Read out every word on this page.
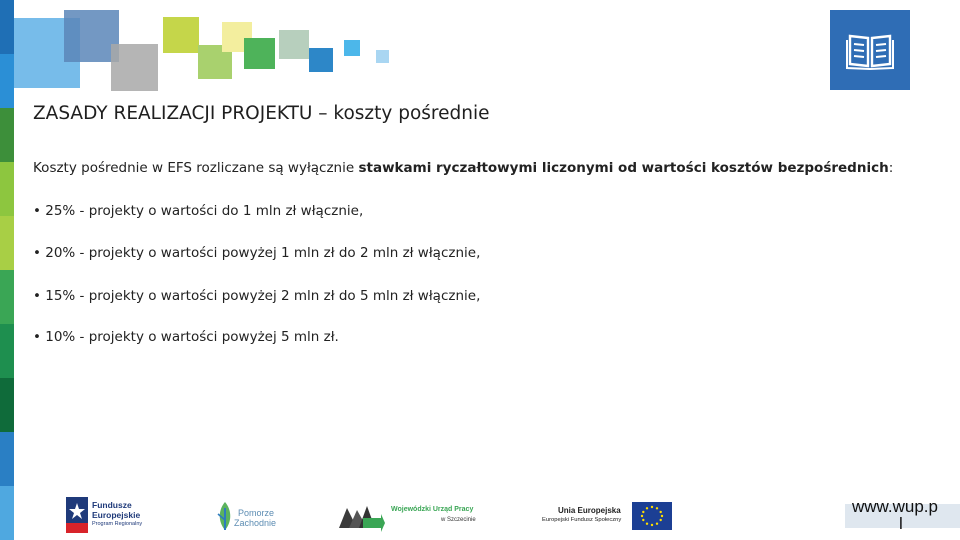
ZASADY REALIZACJI PROJEKTU – koszty pośrednie
Koszty pośrednie w EFS rozliczane są wyłącznie stawkami ryczałtowymi liczonymi od wartości kosztów bezpośrednich:
• 25% - projekty o wartości do 1 mln zł włącznie,
• 20% - projekty o wartości powyżej 1 mln zł do 2 mln zł włącznie,
• 15% - projekty o wartości powyżej 2 mln zł do 5 mln zł włącznie,
• 10% - projekty o wartości powyżej 5 mln zł.
Fundusze
Europejskie
Program Regionalny
Pomorze
Zachodnie
Wojewódzki Urząd Pracy
w Szczecinie
Unia Europejska
Europejski Fundusz Społeczny
www.wup.p
l
